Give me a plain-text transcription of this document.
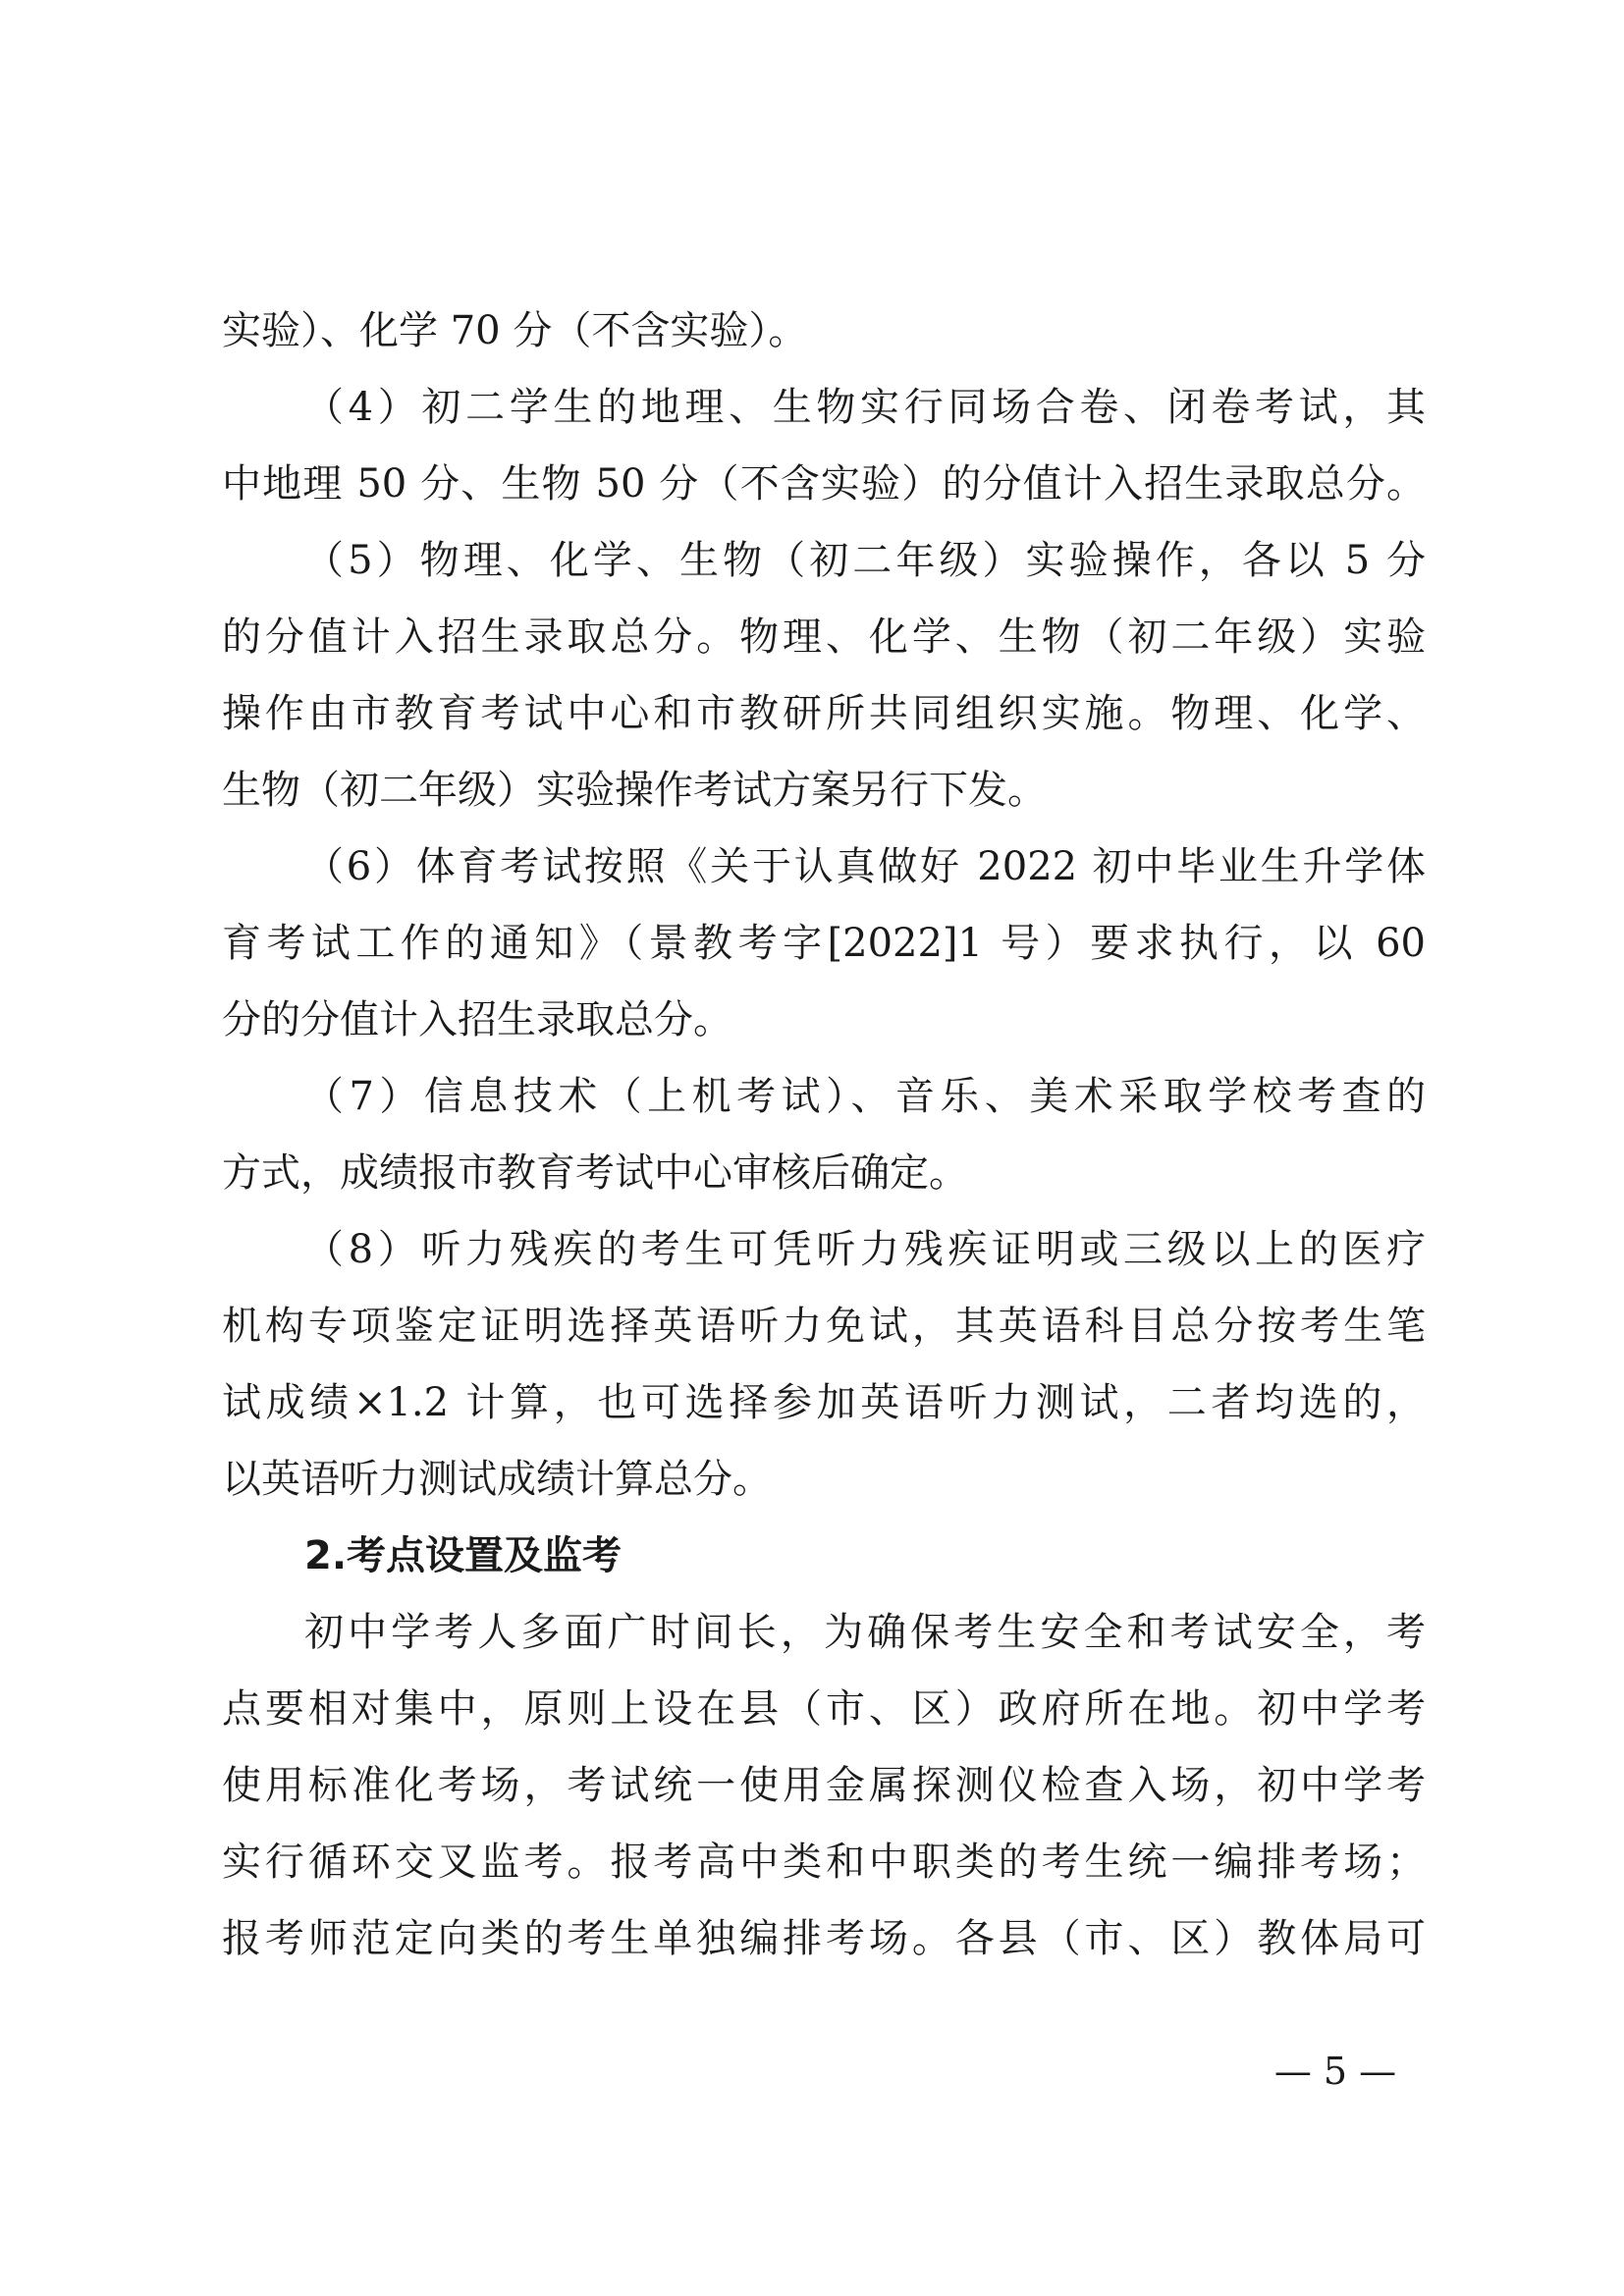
实验）、化学 70 分（不含实验）。
（4）初二学生的地理、生物实行同场合卷、闭卷考试，其
中地理 50 分、生物 50 分（不含实验）的分值计入招生录取总分。
（5）物理、化学、生物（初二年级）实验操作，各以 5 分
的分值计入招生录取总分。物理、化学、生物（初二年级）实验
操作由市教育考试中心和市教研所共同组织实施。物理、化学、
生物（初二年级）实验操作考试方案另行下发。
（6）体育考试按照《关于认真做好 2022 初中毕业生升学体
育考试工作的通知》（景教考字[2022]1 号）要求执行，以 60
分的分值计入招生录取总分。
（7）信息技术（上机考试）、音乐、美术采取学校考查的
方式，成绩报市教育考试中心审核后确定。
（8）听力残疾的考生可凭听力残疾证明或三级以上的医疗
机构专项鉴定证明选择英语听力免试，其英语科目总分按考生笔
试成绩×1.2 计算，也可选择参加英语听力测试，二者均选的，
以英语听力测试成绩计算总分。
2.考点设置及监考
初中学考人多面广时间长，为确保考生安全和考试安全，考
点要相对集中，原则上设在县（市、区）政府所在地。初中学考
使用标准化考场，考试统一使用金属探测仪检查入场，初中学考
实行循环交叉监考。报考高中类和中职类的考生统一编排考场；
报考师范定向类的考生单独编排考场。各县（市、区）教体局可
— 5 —
